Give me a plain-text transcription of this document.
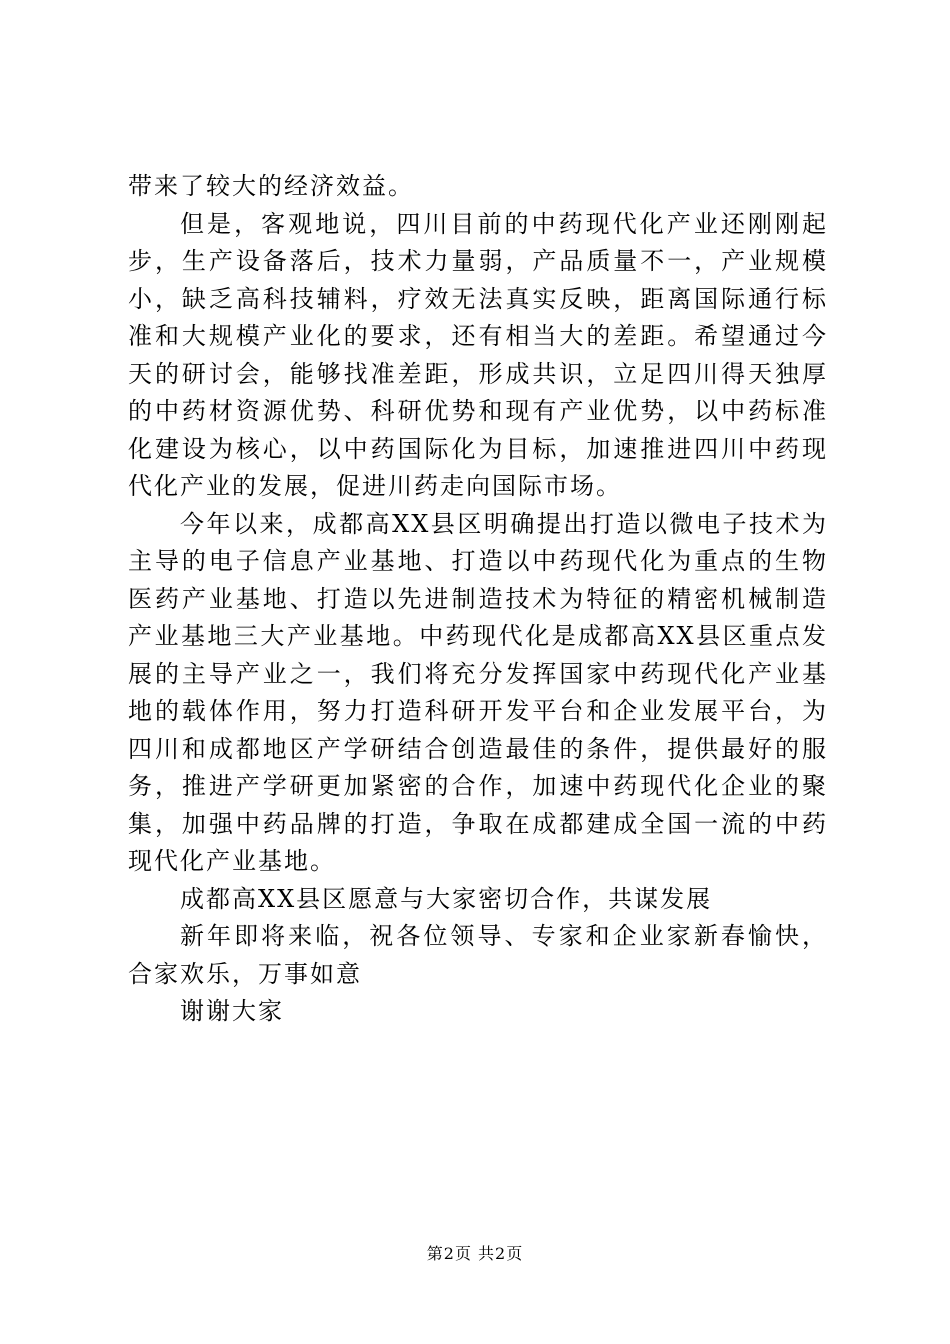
带来了较大的经济效益。

但是，客观地说，四川目前的中药现代化产业还刚刚起步，生产设备落后，技术力量弱，产品质量不一，产业规模小，缺乏高科技辅料，疗效无法真实反映，距离国际通行标准和大规模产业化的要求，还有相当大的差距。希望通过今天的研讨会，能够找准差距，形成共识，立足四川得天独厚的中药材资源优势、科研优势和现有产业优势，以中药标准化建设为核心，以中药国际化为目标，加速推进四川中药现代化产业的发展，促进川药走向国际市场。

今年以来，成都高XX县区明确提出打造以微电子技术为主导的电子信息产业基地、打造以中药现代化为重点的生物医药产业基地、打造以先进制造技术为特征的精密机械制造产业基地三大产业基地。中药现代化是成都高XX县区重点发展的主导产业之一，我们将充分发挥国家中药现代化产业基地的载体作用，努力打造科研开发平台和企业发展平台，为四川和成都地区产学研结合创造最佳的条件，提供最好的服务，推进产学研更加紧密的合作，加速中药现代化企业的聚集，加强中药品牌的打造，争取在成都建成全国一流的中药现代化产业基地。

成都高XX县区愿意与大家密切合作，共谋发展

新年即将来临，祝各位领导、专家和企业家新春愉快，合家欢乐，万事如意

谢谢大家

第2页 共2页
